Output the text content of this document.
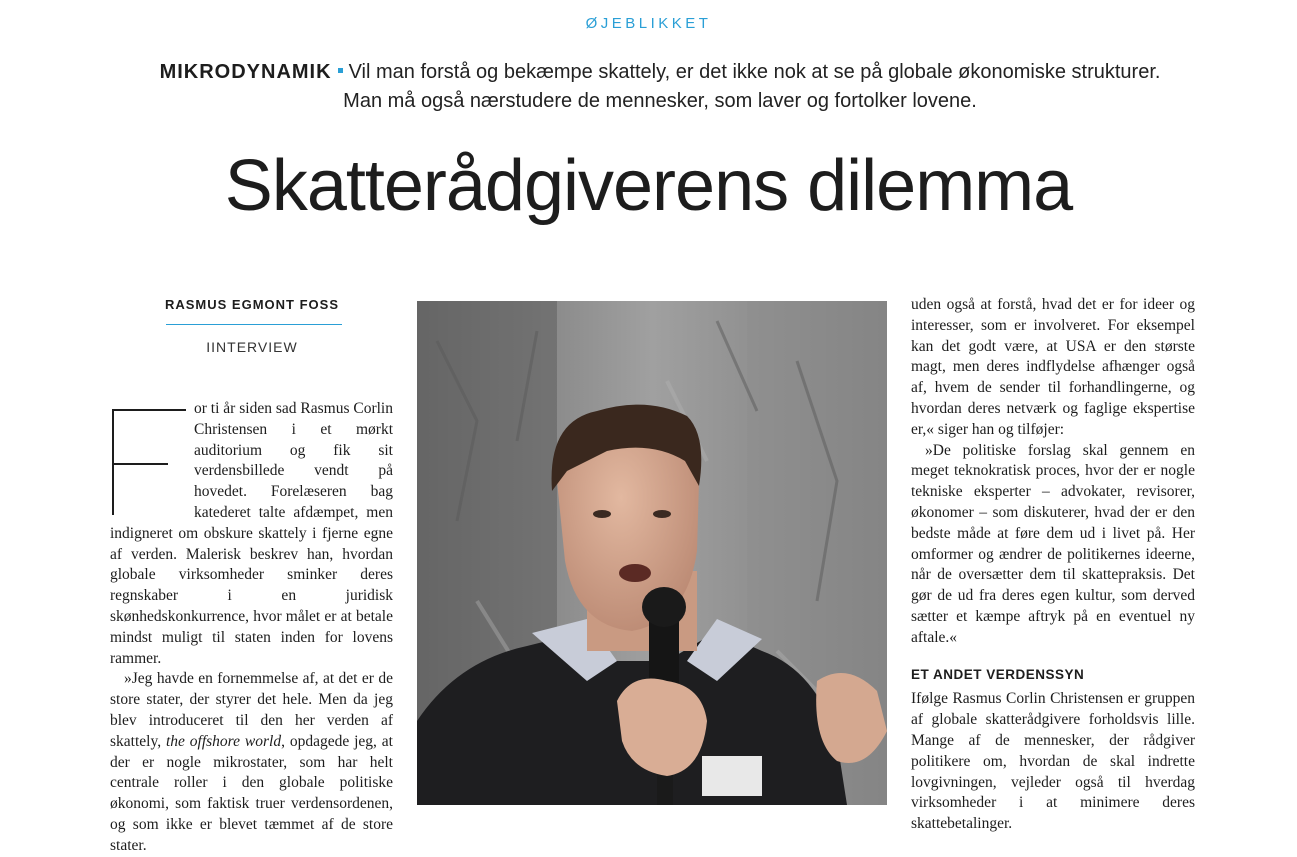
ØJEBLIKKET
MIKRODYNAMIK Vil man forstå og bekæmpe skattely, er det ikke nok at se på globale økonomiske strukturer. Man må også nærstudere de mennesker, som laver og fortolker lovene.
Skatterådgiverens dilemma
RASMUS EGMONT FOSS
IINTERVIEW

or ti år siden sad Rasmus Corlin Christensen i et mørkt auditorium og fik sit verdensbillede vendt på hovedet. Forelæseren bag katederet talte afdæmpet, men indigneret om obskure skattely i fjerne egne af verden. Malerisk beskrev han, hvordan globale virksomheder sminker deres regnskaber i en juridisk skønhedskonkurrence, hvor målet er at betale mindst muligt til staten inden for lovens rammer.

»Jeg havde en fornemmelse af, at det er de store stater, der styrer det hele. Men da jeg blev introduceret til den her verden af skattely, the offshore world, opdagede jeg, at der er nogle mikrostater, som har helt centrale roller i den globale politiske økonomi, som faktisk truer verdensordenen, og som ikke er blevet tæmmet af de store stater.

uden også at forstå, hvad det er for ideer og interesser, som er involveret. For eksempel kan det godt være, at USA er den største magt, men deres indflydelse afhænger også af, hvem de sender til forhandlingerne, og hvordan deres netværk og faglige ekspertise er,« siger han og tilføjer:

»De politiske forslag skal gennem en meget teknokratisk proces, hvor der er nogle tekniske eksperter – advokater, revisorer, økonomer – som diskuterer, hvad der er den bedste måde at føre dem ud i livet på. Her omformer og ændrer de politikernes ideerne, når de oversætter dem til skattepraksis. Det gør de ud fra deres egen kultur, som derved sætter et kæmpe aftryk på en eventuel ny aftale.«

ET ANDET VERDENSSYN

Ifølge Rasmus Corlin Christensen er gruppen af globale skatterådgivere forholdsvis lille. Mange af de mennesker, der rådgiver politikere om, hvordan de skal indrette lovgivningen, vejleder også til hverdag virksomheder i at minimere deres skattebetalinger.
